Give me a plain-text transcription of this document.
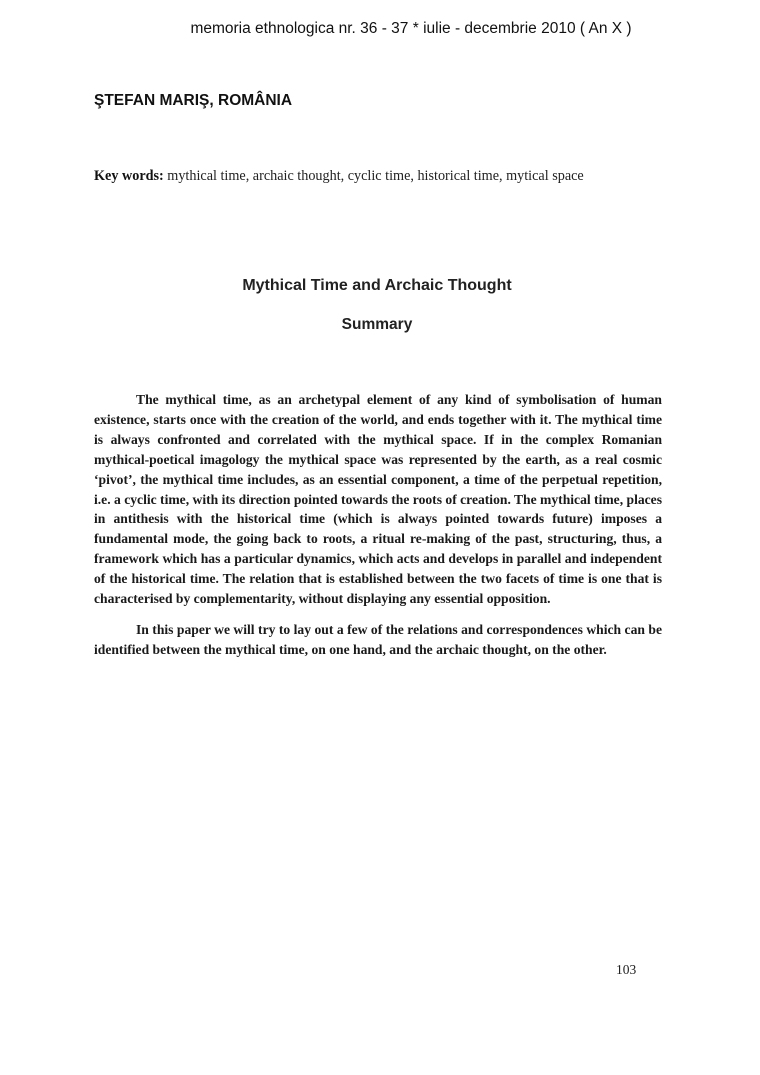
memoria ethnologica nr. 36 - 37 * iulie - decembrie 2010 ( An X )
ŞTEFAN MARIŞ, ROMÂNIA
Key words: mythical time, archaic thought, cyclic time, historical time, mytical space
Mythical Time and Archaic Thought
Summary

The mythical time, as an archetypal element of any kind of symbolisation of human existence, starts once with the creation of the world, and ends together with it. The mythical time is always confronted and correlated with the mythical space. If in the complex Romanian mythical-poetical imagology the mythical space was represented by the earth, as a real cosmic ‘pivot’, the mythical time includes, as an essential component, a time of the perpetual repetition, i.e. a cyclic time, with its direction pointed towards the roots of creation. The mythical time, places in antithesis with the historical time (which is always pointed towards future) imposes a fundamental mode, the going back to roots, a ritual re-making of the past, structuring, thus, a framework which has a particular dynamics, which acts and develops in parallel and independent of the historical time. The relation that is established between the two facets of time is one that is characterised by complementarity, without displaying any essential opposition.

In this paper we will try to lay out a few of the relations and correspondences which can be identified between the mythical time, on one hand, and the archaic thought, on the other.

103
